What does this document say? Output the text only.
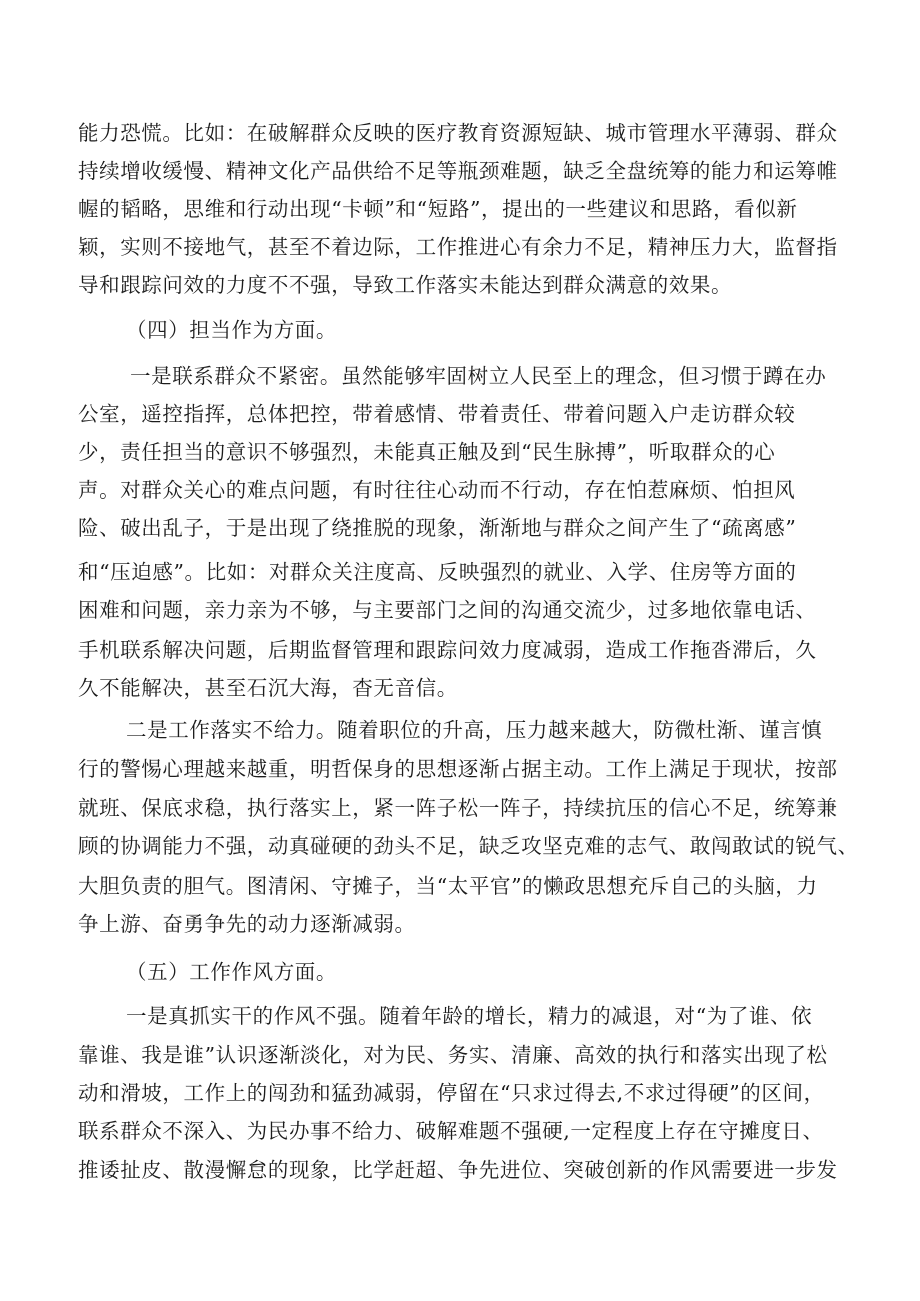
能力恐慌。比如：在破解群众反映的医疗教育资源短缺、城市管理水平薄弱、群众
持续增收缓慢、精神文化产品供给不足等瓶颈难题，缺乏全盘统筹的能力和运筹帷
幄的韬略，思维和行动出现“卡顿”和“短路”，提出的一些建议和思路，看似新
颖，实则不接地气，甚至不着边际，工作推进心有余力不足，精神压力大，监督指
导和跟踪问效的力度不不强，导致工作落实未能达到群众满意的效果。
（四）担当作为方面。
一是联系群众不紧密。虽然能够牢固树立人民至上的理念，但习惯于蹲在办
公室，遥控指挥，总体把控，带着感情、带着责任、带着问题入户走访群众较
少，责任担当的意识不够强烈，未能真正触及到“民生脉搏”，听取群众的心
声。对群众关心的难点问题，有时往往心动而不行动，存在怕惹麻烦、怕担风
险、破出乱子，于是出现了绕推脱的现象，渐渐地与群众之间产生了“疏离感”
和“压迫感”。比如：对群众关注度高、反映强烈的就业、入学、住房等方面的
困难和问题，亲力亲为不够，与主要部门之间的沟通交流少，过多地依靠电话、
手机联系解决问题，后期监督管理和跟踪问效力度减弱，造成工作拖沓滞后，久
久不能解决，甚至石沉大海，杳无音信。
二是工作落实不给力。随着职位的升高，压力越来越大，防微杜渐、谨言慎
行的警惕心理越来越重，明哲保身的思想逐渐占据主动。工作上满足于现状，按部
就班、保底求稳，执行落实上，紧一阵子松一阵子，持续抗压的信心不足，统筹兼
顾的协调能力不强，动真碰硬的劲头不足，缺乏攻坚克难的志气、敢闯敢试的锐气、
大胆负责的胆气。图清闲、守摊子，当“太平官”的懒政思想充斥自己的头脑，力
争上游、奋勇争先的动力逐渐减弱。
（五）工作作风方面。
一是真抓实干的作风不强。随着年龄的增长，精力的减退，对“为了谁、依
靠谁、我是谁”认识逐渐淡化，对为民、务实、清廉、高效的执行和落实出现了松
动和滑坡，工作上的闯劲和猛劲减弱，停留在“只求过得去,不求过得硬”的区间，
联系群众不深入、为民办事不给力、破解难题不强硬,一定程度上存在守摊度日、
推诿扯皮、散漫懈怠的现象，比学赶超、争先进位、突破创新的作风需要进一步发
